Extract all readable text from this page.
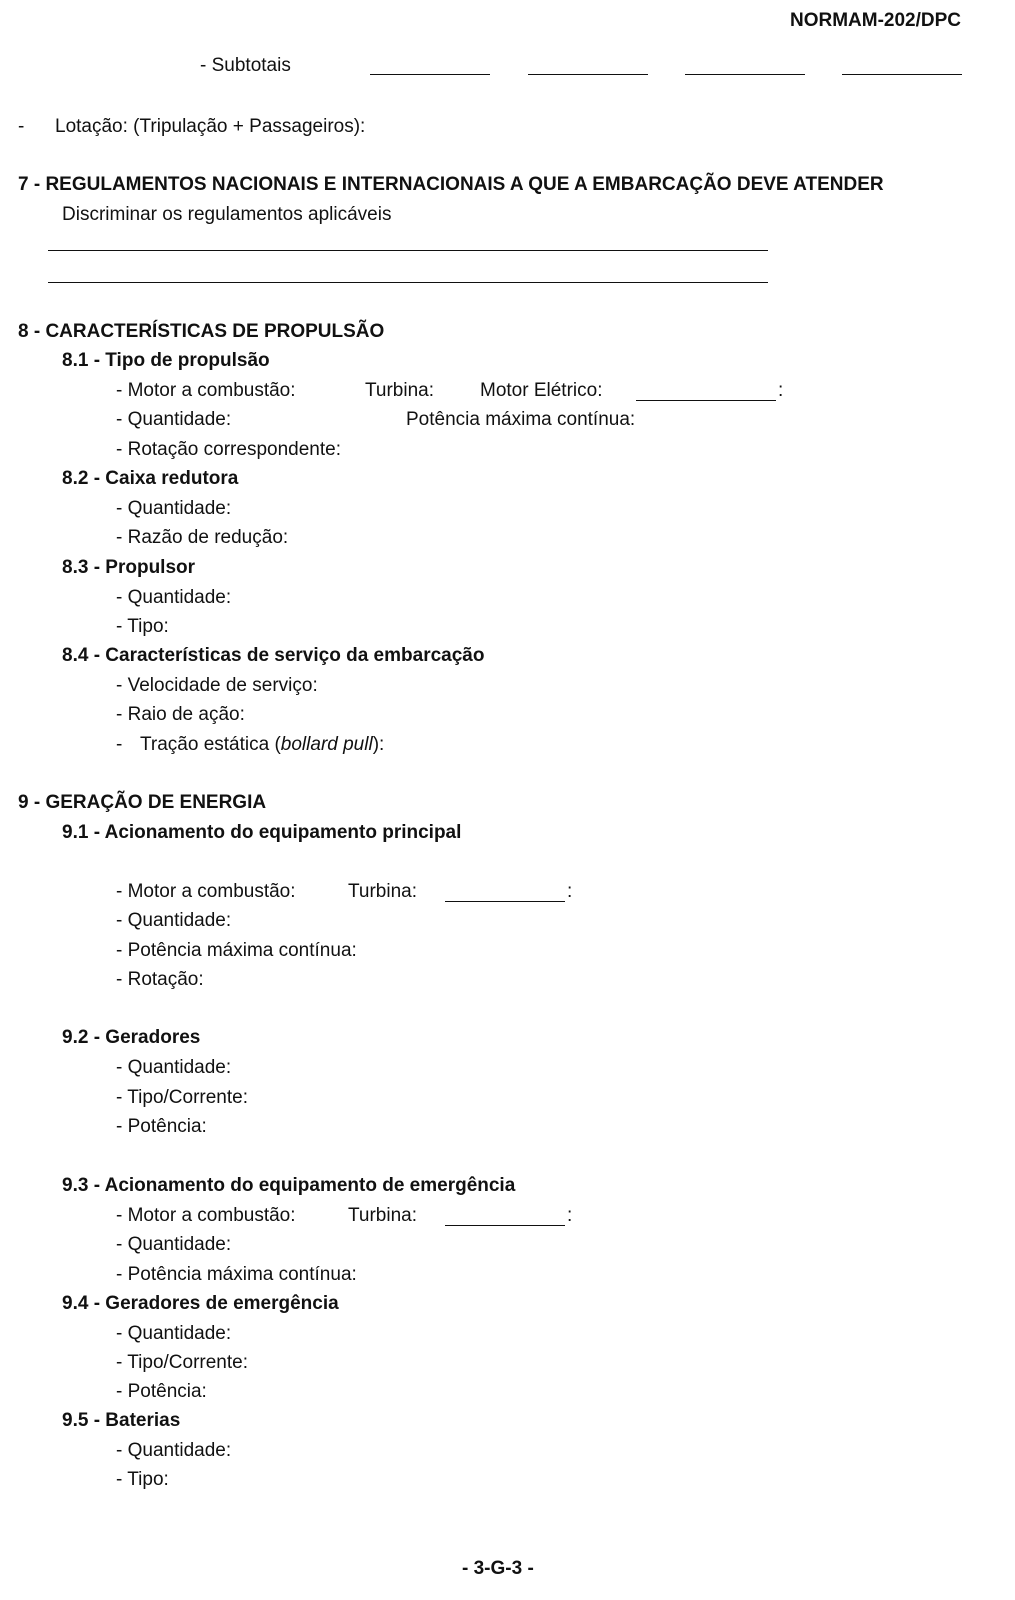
NORMAM-202/DPC
- Subtotais
- Lotação: (Tripulação + Passageiros):
7 - REGULAMENTOS NACIONAIS E INTERNACIONAIS A QUE A EMBARCAÇÃO DEVE ATENDER
Discriminar os regulamentos aplicáveis
8 - CARACTERÍSTICAS DE PROPULSÃO
8.1 - Tipo de propulsão
- Motor a combustão:	Turbina: Motor Elétrico:	:
- Quantidade:	Potência máxima contínua:
- Rotação correspondente:
8.2 - Caixa redutora
- Quantidade:
- Razão de redução:
8.3 - Propulsor
- Quantidade:
- Tipo:
8.4 - Características de serviço da embarcação
- Velocidade de serviço:
- Raio de ação:
- Tração estática (bollard pull):
9 - GERAÇÃO DE ENERGIA
9.1 - Acionamento do equipamento principal
- Motor a combustão:	Turbina:	:
- Quantidade:
- Potência máxima contínua:
- Rotação:
9.2 - Geradores
- Quantidade:
- Tipo/Corrente:
- Potência:
9.3 - Acionamento do equipamento de emergência
- Motor a combustão:	Turbina:	:
- Quantidade:
- Potência máxima contínua:
9.4 - Geradores de emergência
- Quantidade:
- Tipo/Corrente:
- Potência:
9.5 - Baterias
- Quantidade:
- Tipo:
- 3-G-3 -
